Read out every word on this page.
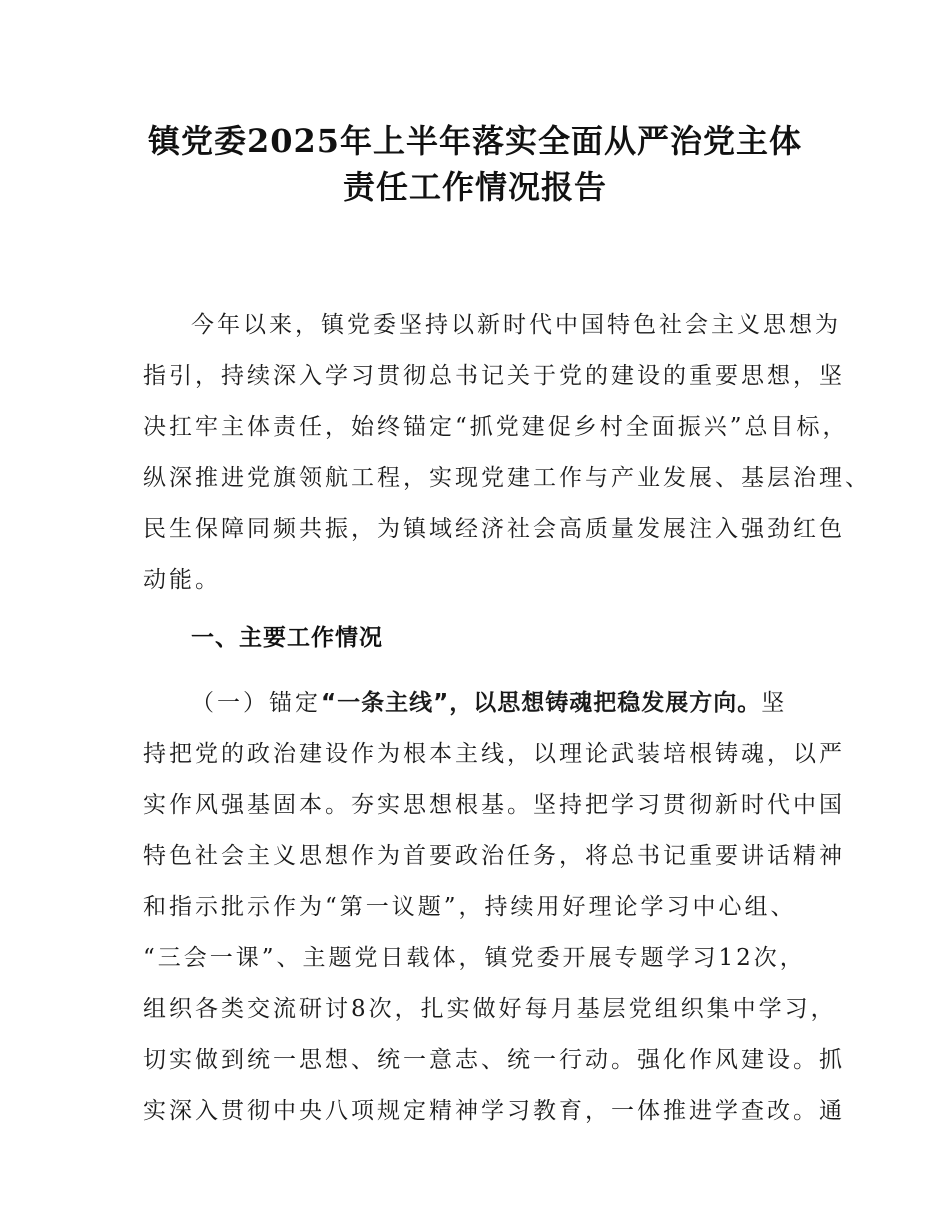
镇党委2025年上半年落实全面从严治党主体
责任工作情况报告
今年以来，镇党委坚持以新时代中国特色社会主义思想为
指引，持续深入学习贯彻总书记关于党的建设的重要思想，坚
决扛牢主体责任，始终锚定“抓党建促乡村全面振兴”总目标，
纵深推进党旗领航工程，实现党建工作与产业发展、基层治理、
民生保障同频共振，为镇域经济社会高质量发展注入强劲红色
动能。
一、主要工作情况
（一）锚定“一条主线”，以思想铸魂把稳发展方向。坚
持把党的政治建设作为根本主线，以理论武装培根铸魂，以严
实作风强基固本。夯实思想根基。坚持把学习贯彻新时代中国
特色社会主义思想作为首要政治任务，将总书记重要讲话精神
和指示批示作为“第一议题”，持续用好理论学习中心组、
“三会一课”、主题党日载体，镇党委开展专题学习12次，
组织各类交流研讨8次，扎实做好每月基层党组织集中学习，
切实做到统一思想、统一意志、统一行动。强化作风建设。抓
实深入贯彻中央八项规定精神学习教育，一体推进学查改。通
